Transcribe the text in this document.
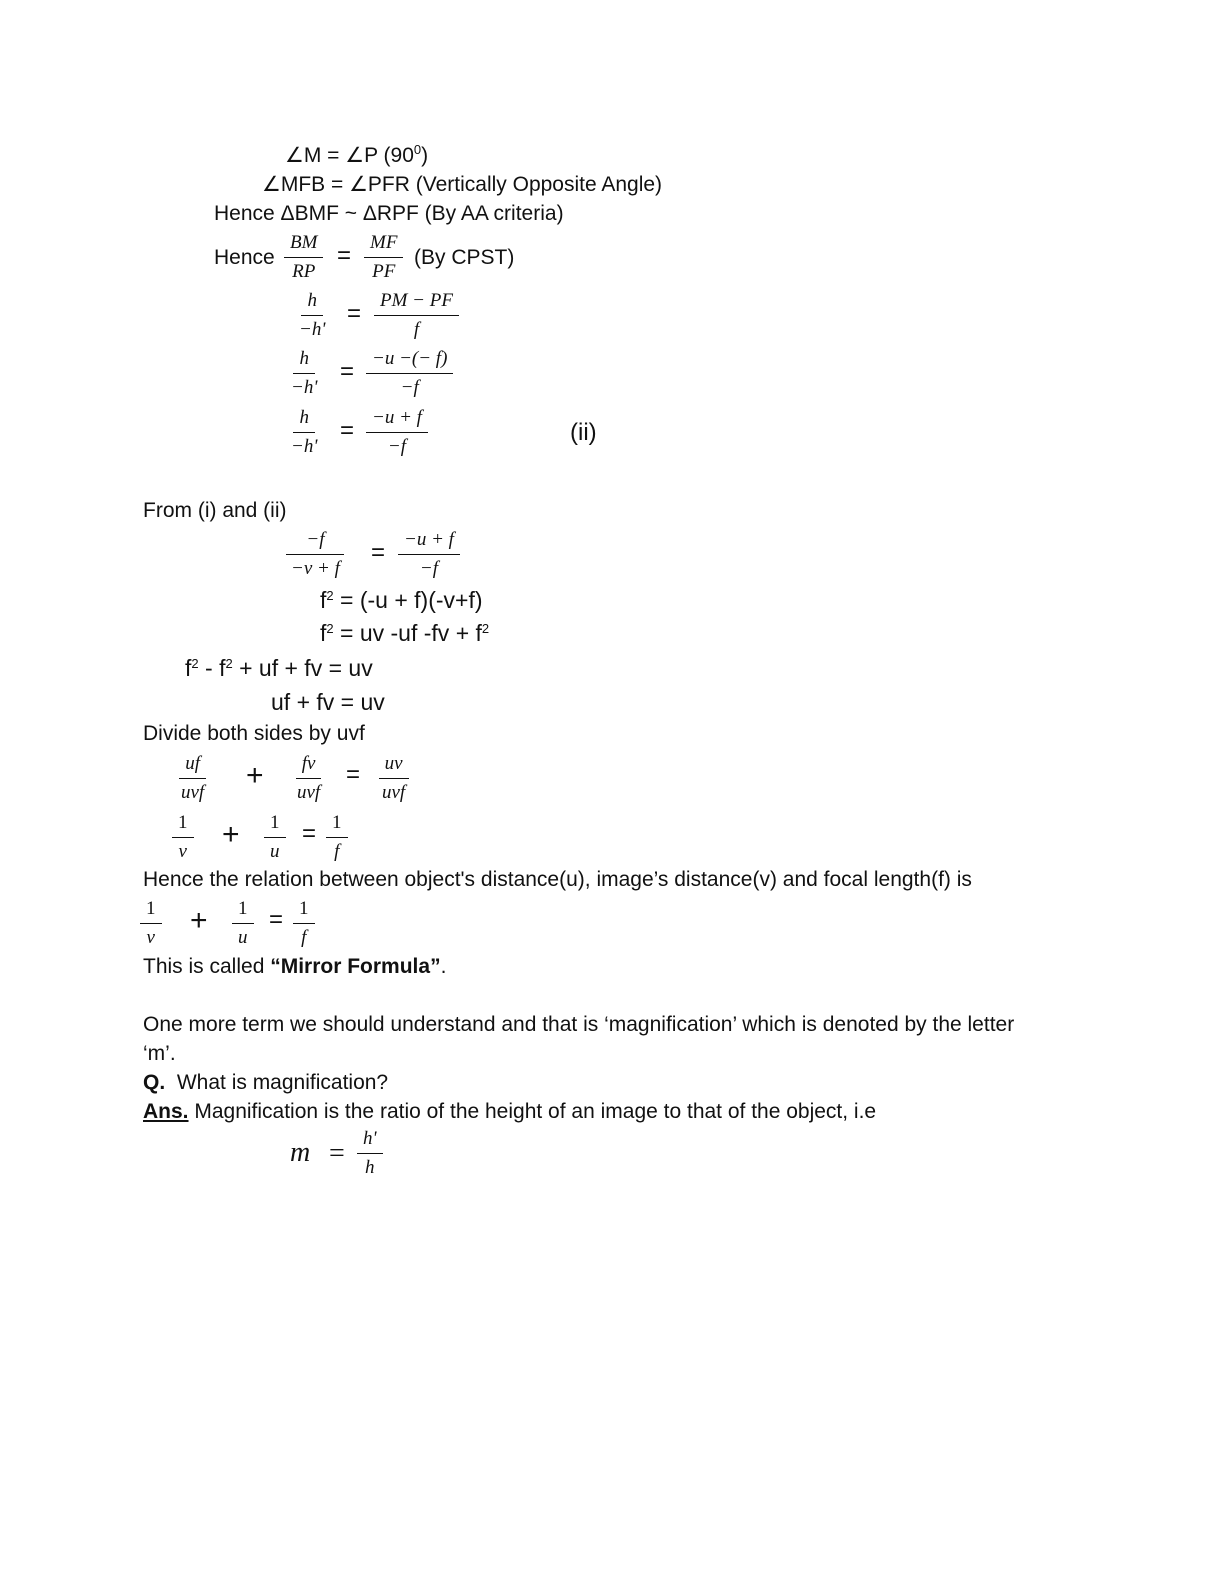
∠M = ∠P $(90^0)$
∠MFB = ∠PFR (Vertically Opposite Angle)
Hence ΔBMF ~ ΔRPF (By AA criteria)
Hence $\frac{BM}{RP} = \frac{MF}{PF} (By$ CPST)
$\frac{h}{-h'} = \frac{PM - PF}{f}$
$\frac{h}{-h'} = \frac{-u -(- f)}{-f}$
$\frac{h}{-h'} = \frac{-u + f}{-f}$	(ii)
From (i) and (ii)
$\frac{-f}{-v + f} = \frac{-u + f}{-f}$
$f^2 = (-u + f)(-v+f)$
$f^2$ = uv -uf $-fv + f^2$
$f^2 - f^2$ + uf + fv = uv
uf + fv = uv
Divide both sides by uvf
uf
uvf
+	fv
uvf
=	uv
uvf
$\frac{1}{v} + \frac{1}{u} = \frac{1}{f}$
Hence the relation between object's distance(u), image’s distance(v) and focal length(f) is
$\frac{1}{v} + \frac{1}{u} = \frac{1}{f}$
This is called “Mirror Formula”.
One more term we should understand and that is ‘magnification’ which is denoted by the letter
‘m’.
Q.  What is magnification?
Ans. Magnification is the ratio of the height of an image to that of the object, i.e
$m = \frac{h'}{h}$
